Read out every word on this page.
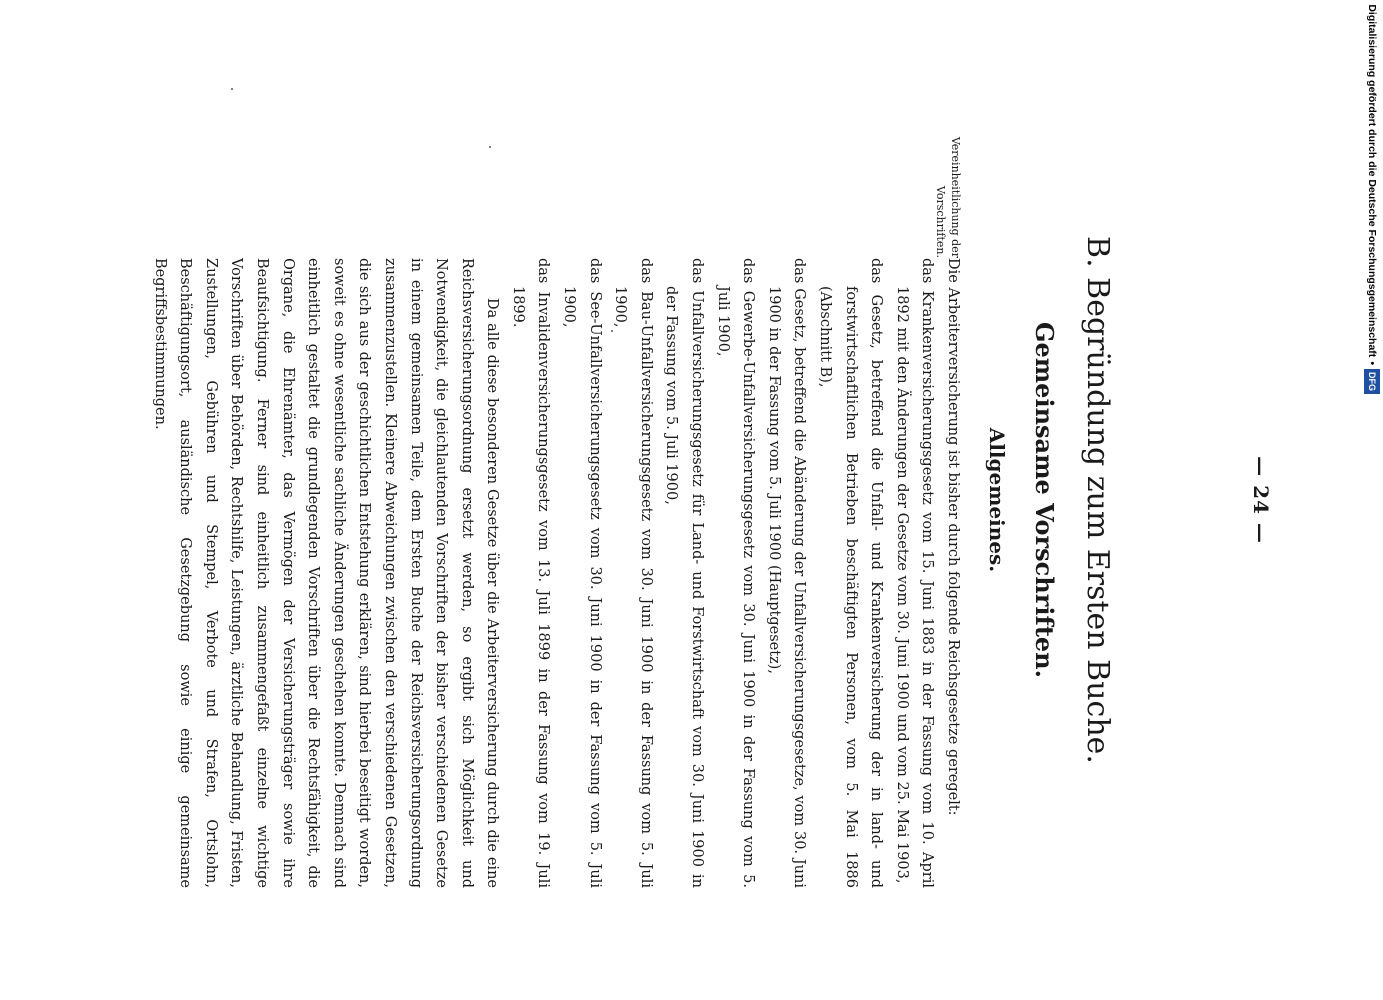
— 24 —
B. Begründung zum Ersten Buche.
Gemeinsame Vorschriften.
Allgemeines.
Vereinheitlichung der Vorschriften.

Die Arbeiterversicherung ist bisher durch folgende Reichsgesetze geregelt:

das Krankenversicherungsgesetz vom 15. Juni 1883 in der Fassung vom 10. April 1892 mit den Änderungen der Gesetze vom 30. Juni 1900 und vom 25. Mai 1903,

das Gesetz, betreffend die Unfall- und Krankenversicherung der in land- und forstwirtschaftlichen Betrieben beschäftigten Personen, vom 5. Mai 1886 (Abschnitt B),

das Gesetz, betreffend die Abänderung der Unfallversicherungsgesetze, vom 30. Juni 1900 in der Fassung vom 5. Juli 1900 (Hauptgesetz),

das Gewerbe-Unfallversicherungsgesetz vom 30. Juni 1900 in der Fassung vom 5. Juli 1900,

das Unfallversicherungsgesetz für Land- und Forstwirtschaft vom 30. Juni 1900 in der Fassung vom 5. Juli 1900,

das Bau-Unfallversicherungsgesetz vom 30. Juni 1900 in der Fassung vom 5. Juli 1900,

das See-Unfallversicherungsgesetz vom 30. Juni 1900 in der Fassung vom 5. Juli 1900,

das Invalidenversicherungsgesetz vom 13. Juli 1899 in der Fassung vom 19. Juli 1899.

Da alle diese besonderen Gesetze über die Arbeiterversicherung durch die eine Reichsversicherungsordnung ersetzt werden, so ergibt sich Möglichkeit und Notwendigkeit, die gleichlautenden Vorschriften der bisher verschiedenen Gesetze in einem gemeinsamen Teile, dem Ersten Buche der Reichsversicherungsordnung zusammenzustellen. Kleinere Abweichungen zwischen den verschiedenen Gesetzen, die sich aus der geschichtlichen Entstehung erklären, sind hierbei beseitigt worden, soweit es ohne wesentliche sachliche Änderungen geschehen konnte. Demnach sind einheitlich gestaltet die grundlegenden Vorschriften über die Rechtsfähigkeit, die Organe, die Ehrenämter, das Vermögen der Versicherungsträger sowie ihre Beaufsichtigung. Ferner sind einheitlich zusammengefaßt einzelne wichtige Vorschriften über Behörden, Rechtshilfe, Leistungen, ärztliche Behandlung, Fristen, Zustellungen, Gebühren und Stempel, Verbote und Strafen, Ortslohn, Beschäftigungsort, ausländische Gesetzgebung sowie einige gemeinsame Begriffsbestimmungen.	Digitalisierung gefördert durch die Deutsche Forschungsgemeinschaft
•
DFG
